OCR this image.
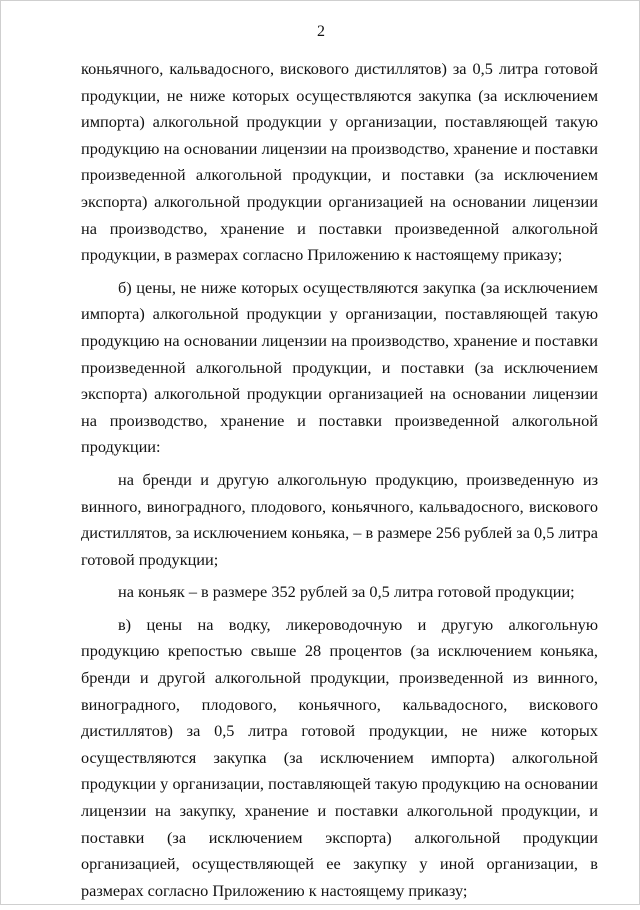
2

коньячного, кальвадосного, вискового дистиллятов) за 0,5 литра готовой продукции, не ниже которых осуществляются закупка (за исключением импорта) алкогольной продукции у организации, поставляющей такую продукцию на основании лицензии на производство, хранение и поставки произведенной алкогольной продукции, и поставки (за исключением экспорта) алкогольной продукции организацией на основании лицензии на производство, хранение и поставки произведенной алкогольной продукции, в размерах согласно Приложению к настоящему приказу;

б) цены, не ниже которых осуществляются закупка (за исключением импорта) алкогольной продукции у организации, поставляющей такую продукцию на основании лицензии на производство, хранение и поставки произведенной алкогольной продукции, и поставки (за исключением экспорта) алкогольной продукции организацией на основании лицензии на производство, хранение и поставки произведенной алкогольной продукции:

на бренди и другую алкогольную продукцию, произведенную из винного, виноградного, плодового, коньячного, кальвадосного, вискового дистиллятов, за исключением коньяка, – в размере 256 рублей за 0,5 литра готовой продукции;

на коньяк – в размере 352 рублей за 0,5 литра готовой продукции;

в) цены на водку, ликероводочную и другую алкогольную продукцию крепостью свыше 28 процентов (за исключением коньяка, бренди и другой алкогольной продукции, произведенной из винного, виноградного, плодового, коньячного, кальвадосного, вискового дистиллятов) за 0,5 литра готовой продукции, не ниже которых осуществляются закупка (за исключением импорта) алкогольной продукции у организации, поставляющей такую продукцию на основании лицензии на закупку, хранение и поставки алкогольной продукции, и поставки (за исключением экспорта) алкогольной продукции организацией, осуществляющей ее закупку у иной организации, в размерах согласно Приложению к настоящему приказу;
